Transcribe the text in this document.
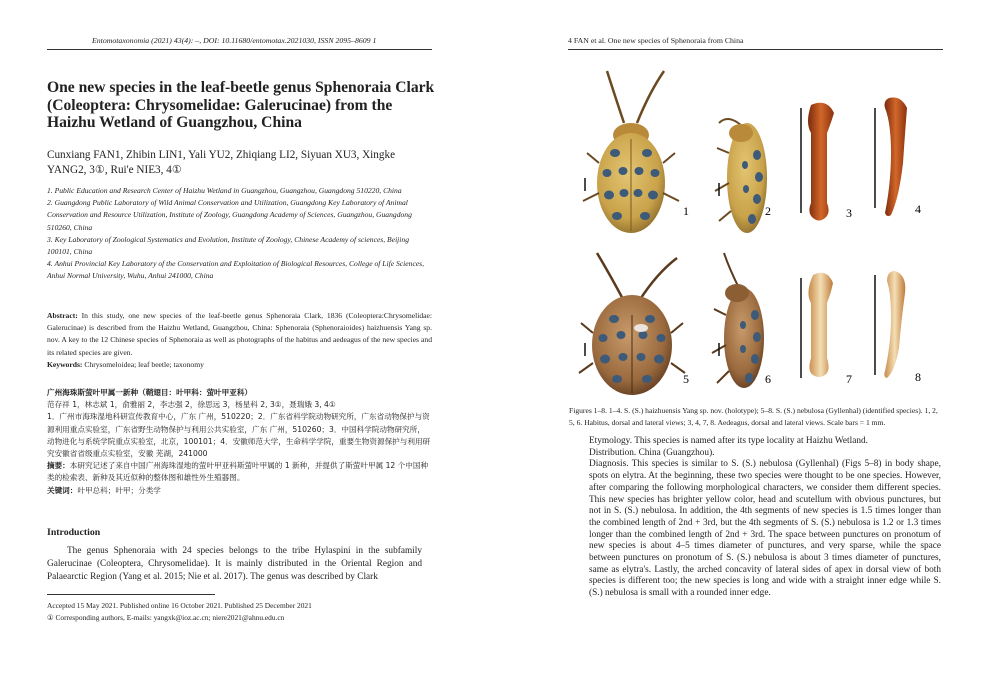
Entomotaxonomia (2021) 43(4): –, DOI: 10.11680/entomotax.2021030, ISSN 2095–8609 1
One new species in the leaf-beetle genus Sphenoraia Clark (Coleoptera: Chrysomelidae: Galerucinae) from the Haizhu Wetland of Guangzhou, China
Cunxiang FAN1, Zhibin LIN1, Yali YU2, Zhiqiang LI2, Siyuan XU3, Xingke YANG2, 3①, Rui'e NIE3, 4①
1. Public Education and Research Center of Haizhu Wetland in Guangzhou, Guangzhou, Guangdong 510220, China
2. Guangdong Public Laboratory of Wild Animal Conservation and Utilization, Guangdong Key Laboratory of Animal Conservation and Resource Utilization, Institute of Zoology, Guangdong Academy of Sciences, Guangzhou, Guangdong 510260, China
3. Key Laboratory of Zoological Systematics and Evolution, Institute of Zoology, Chinese Academy of sciences, Beijing 100101, China
4. Anhui Provincial Key Laboratory of the Conservation and Exploitation of Biological Resources, College of Life Sciences, Anhui Normal University, Wuhu, Anhui 241000, China
Abstract: In this study, one new species of the leaf-beetle genus Sphenoraia Clark, 1836 (Coleoptera:Chrysomelidae: Galerucinae) is described from the Haizhu Wetland, Guangzhou, China: Sphenoraia (Sphenoraioides) haizhuensis Yang sp. nov. A key to the 12 Chinese species of Sphenoraia as well as photographs of the habitus and aedeagus of the new species and its related species are given.
Keywords: Chrysomeloidea; leaf beetle; taxonomy
广州海珠斯萤叶甲属一新种（鞘翅目：叶甲科：萤叶甲亚科）
范存祥 1，林志斌 1，俞雅丽 2，李志强 2，徐思远 3，杨星科 2, 3①，聂瑞娥 3, 4①
1．广州市海珠湿地科研宣传教育中心，广东 广州，510220；2．广东省科学院动物研究所，广东省动物保护与资源利用重点实验室，广东省野生动物保护与利用公共实验室，广东 广州，510260；3．中国科学院动物研究所，动物进化与系统学院重点实验室，北京，100101；4．安徽师范大学，生命科学学院，重要生物资源保护与利用研究安徽省省级重点实验室，安徽 芜湖，241000
摘要：本研究记述了来自中国广州海珠湿地的萤叶甲亚科斯萤叶甲属的 1 新种，并提供了斯萤叶甲属 12 个中国种类的检索表、新种及其近似种的整体图和雄性外生殖器图。
关键词：叶甲总科；叶甲；分类学
Introduction
The genus Sphenoraia with 24 species belongs to the tribe Hylaspini in the subfamily Galerucinae (Coleoptera, Chrysomelidae). It is mainly distributed in the Oriental Region and Palaearctic Region (Yang et al. 2015; Nie et al. 2017). The genus was described by Clark
Accepted 15 May 2021. Published online 16 October 2021. Published 25 December 2021
① Corresponding authors, E-mails: yangxk@ioz.ac.cn; niere2021@ahnu.edu.cn
4 FAN et al. One new species of Sphenoraia from China
1	2	3	4
5	6	7	8
Figures 1–8. 1–4. S. (S.) haizhuensis Yang sp. nov. (holotype); 5–8. S. (S.) nebulosa (Gyllenhal) (identified species). 1, 2, 5, 6. Habitus, dorsal and lateral views; 3, 4, 7, 8. Aedeagus, dorsal and lateral views. Scale bars = 1 mm.

Etymology. This species is named after its type locality at Haizhu Wetland.

Distribution. China (Guangzhou).

Diagnosis. This species is similar to S. (S.) nebulosa (Gyllenhal) (Figs 5–8) in body shape, spots on elytra. At the beginning, these two species were thought to be one species. However, after comparing the following morphological characters, we consider them different species. This new species has brighter yellow color, head and scutellum with obvious punctures, but not in S. (S.) nebulosa. In addition, the 4th segments of new species is 1.5 times longer than the combined length of 2nd + 3rd, but the 4th segments of S. (S.) nebulosa is 1.2 or 1.3 times longer than the combined length of 2nd + 3rd. The space between punctures on pronotum of new species is about 4–5 times diameter of punctures, and very sparse, while the space between punctures on pronotum of S. (S.) nebulosa is about 3 times diameter of punctures, same as elytra's. Lastly, the arched concavity of lateral sides of apex in dorsal view of both species is different too; the new species is long and wide with a straight inner edge while S. (S.) nebulosa is small with a rounded inner edge.
